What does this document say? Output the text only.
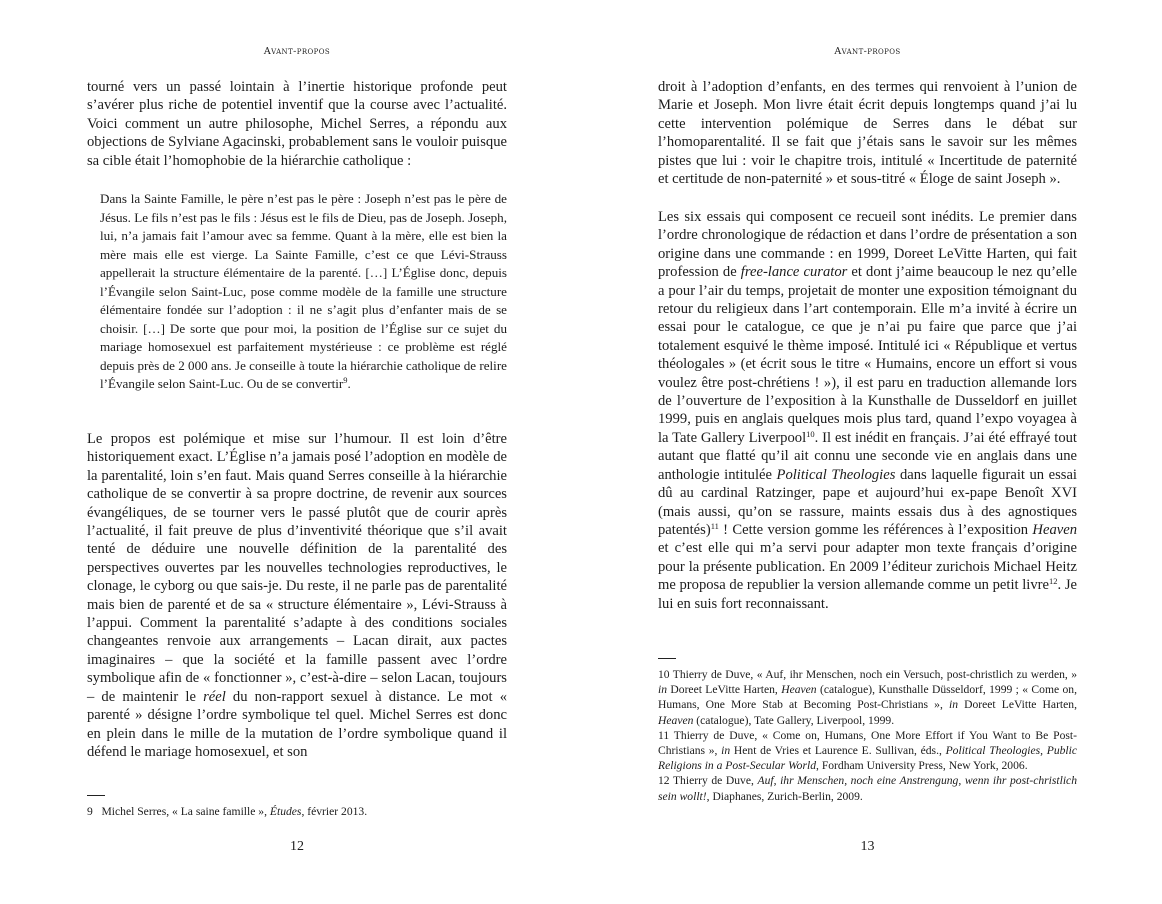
Avant-propos

tourné vers un passé lointain à l’inertie historique profonde peut s’avérer plus riche de potentiel inventif que la course avec l’actualité. Voici comment un autre philosophe, Michel Serres, a répondu aux objections de Sylviane Agacinski, probablement sans le vouloir puisque sa cible était l’homophobie de la hiérarchie catholique :

Dans la Sainte Famille, le père n’est pas le père : Joseph n’est pas le père de Jésus. Le fils n’est pas le fils : Jésus est le fils de Dieu, pas de Joseph. Joseph, lui, n’a jamais fait l’amour avec sa femme. Quant à la mère, elle est bien la mère mais elle est vierge. La Sainte Famille, c’est ce que Lévi-Strauss appellerait la structure élémentaire de la parenté. […] L’Église donc, depuis l’Évangile selon Saint-Luc, pose comme modèle de la famille une structure élémentaire fondée sur l’adoption : il ne s’agit plus d’enfanter mais de se choisir. […] De sorte que pour moi, la position de l’Église sur ce sujet du mariage homosexuel est parfaitement mystérieuse : ce problème est réglé depuis près de 2 000 ans. Je conseille à toute la hiérarchie catholique de relire l’Évangile selon Saint-Luc. Ou de se convertir$^9$.

Le propos est polémique et mise sur l’humour. Il est loin d’être historiquement exact. L’Église n’a jamais posé l’adoption en modèle de la parentalité, loin s’en faut. Mais quand Serres conseille à la hiérarchie catholique de se convertir à sa propre doctrine, de revenir aux sources évangéliques, de se tourner vers le passé plutôt que de courir après l’actualité, il fait preuve de plus d’inventivité théorique que s’il avait tenté de déduire une nouvelle définition de la parentalité des perspectives ouvertes par les nouvelles technologies reproductives, le clonage, le cyborg ou que sais-je. Du reste, il ne parle pas de parentalité mais bien de parenté et de sa « structure élémentaire », Lévi-Strauss à l’appui. Comment la parentalité s’adapte à des conditions sociales changeantes renvoie aux arrangements – Lacan dirait, aux pactes imaginaires – que la société et la famille passent avec l’ordre symbolique afin de « fonctionner », c’est-à-dire – selon Lacan, toujours – de maintenir le réel du non-rapport sexuel à distance. Le mot « parenté » désigne l’ordre symbolique tel quel. Michel Serres est donc en plein dans le mille de la mutation de l’ordre symbolique quand il défend le mariage homosexuel, et son

9 Michel Serres, « La saine famille », Études, février 2013.

12
Avant-propos

droit à l’adoption d’enfants, en des termes qui renvoient à l’union de Marie et Joseph. Mon livre était écrit depuis longtemps quand j’ai lu cette intervention polémique de Serres dans le débat sur l’homoparentalité. Il se fait que j’étais sans le savoir sur les mêmes pistes que lui : voir le chapitre trois, intitulé « Incertitude de paternité et certitude de non-paternité » et sous-titré « Éloge de saint Joseph ».

Les six essais qui composent ce recueil sont inédits. Le premier dans l’ordre chronologique de rédaction et dans l’ordre de présentation a son origine dans une commande : en 1999, Doreet LeVitte Harten, qui fait profession de free-lance curator et dont j’aime beaucoup le nez qu’elle a pour l’air du temps, projetait de monter une exposition témoignant du retour du religieux dans l’art contemporain. Elle m’a invité à écrire un essai pour le catalogue, ce que je n’ai pu faire que parce que j’ai totalement esquivé le thème imposé. Intitulé ici « République et vertus théologales » (et écrit sous le titre « Humains, encore un effort si vous voulez être post-chrétiens ! »), il est paru en traduction allemande lors de l’ouverture de l’exposition à la Kunsthalle de Dusseldorf en juillet 1999, puis en anglais quelques mois plus tard, quand l’expo voyagea à la Tate Gallery Liverpool$^{10}$. Il est inédit en français. J’ai été effrayé tout autant que flatté qu’il ait connu une seconde vie en anglais dans une anthologie intitulée Political Theologies dans laquelle figurait un essai dû au cardinal Ratzinger, pape et aujourd’hui ex-pape Benoît XVI (mais aussi, qu’on se rassure, maints essais dus à des agnostiques patentés)$^{11}$ ! Cette version gomme les références à l’exposition Heaven et c’est elle qui m’a servi pour adapter mon texte français d’origine pour la présente publication. En 2009 l’éditeur zurichois Michael Heitz me proposa de republier la version allemande comme un petit livre$^{12}$. Je lui en suis fort reconnaissant.

10 Thierry de Duve, « Auf, ihr Menschen, noch ein Versuch, post-christlich zu werden, » in Doreet LeVitte Harten, Heaven (catalogue), Kunsthalle Düsseldorf, 1999 ; « Come on, Humans, One More Stab at Becoming Post-Christians », in Doreet LeVitte Harten, Heaven (catalogue), Tate Gallery, Liverpool, 1999.

11 Thierry de Duve, « Come on, Humans, One More Effort if You Want to Be Post-Christians », in Hent de Vries et Laurence E. Sullivan, éds., Political Theologies, Public Religions in a Post-Secular World, Fordham University Press, New York, 2006.

12 Thierry de Duve, Auf, ihr Menschen, noch eine Anstrengung, wenn ihr post-christlich sein wollt!, Diaphanes, Zurich-Berlin, 2009.

13
